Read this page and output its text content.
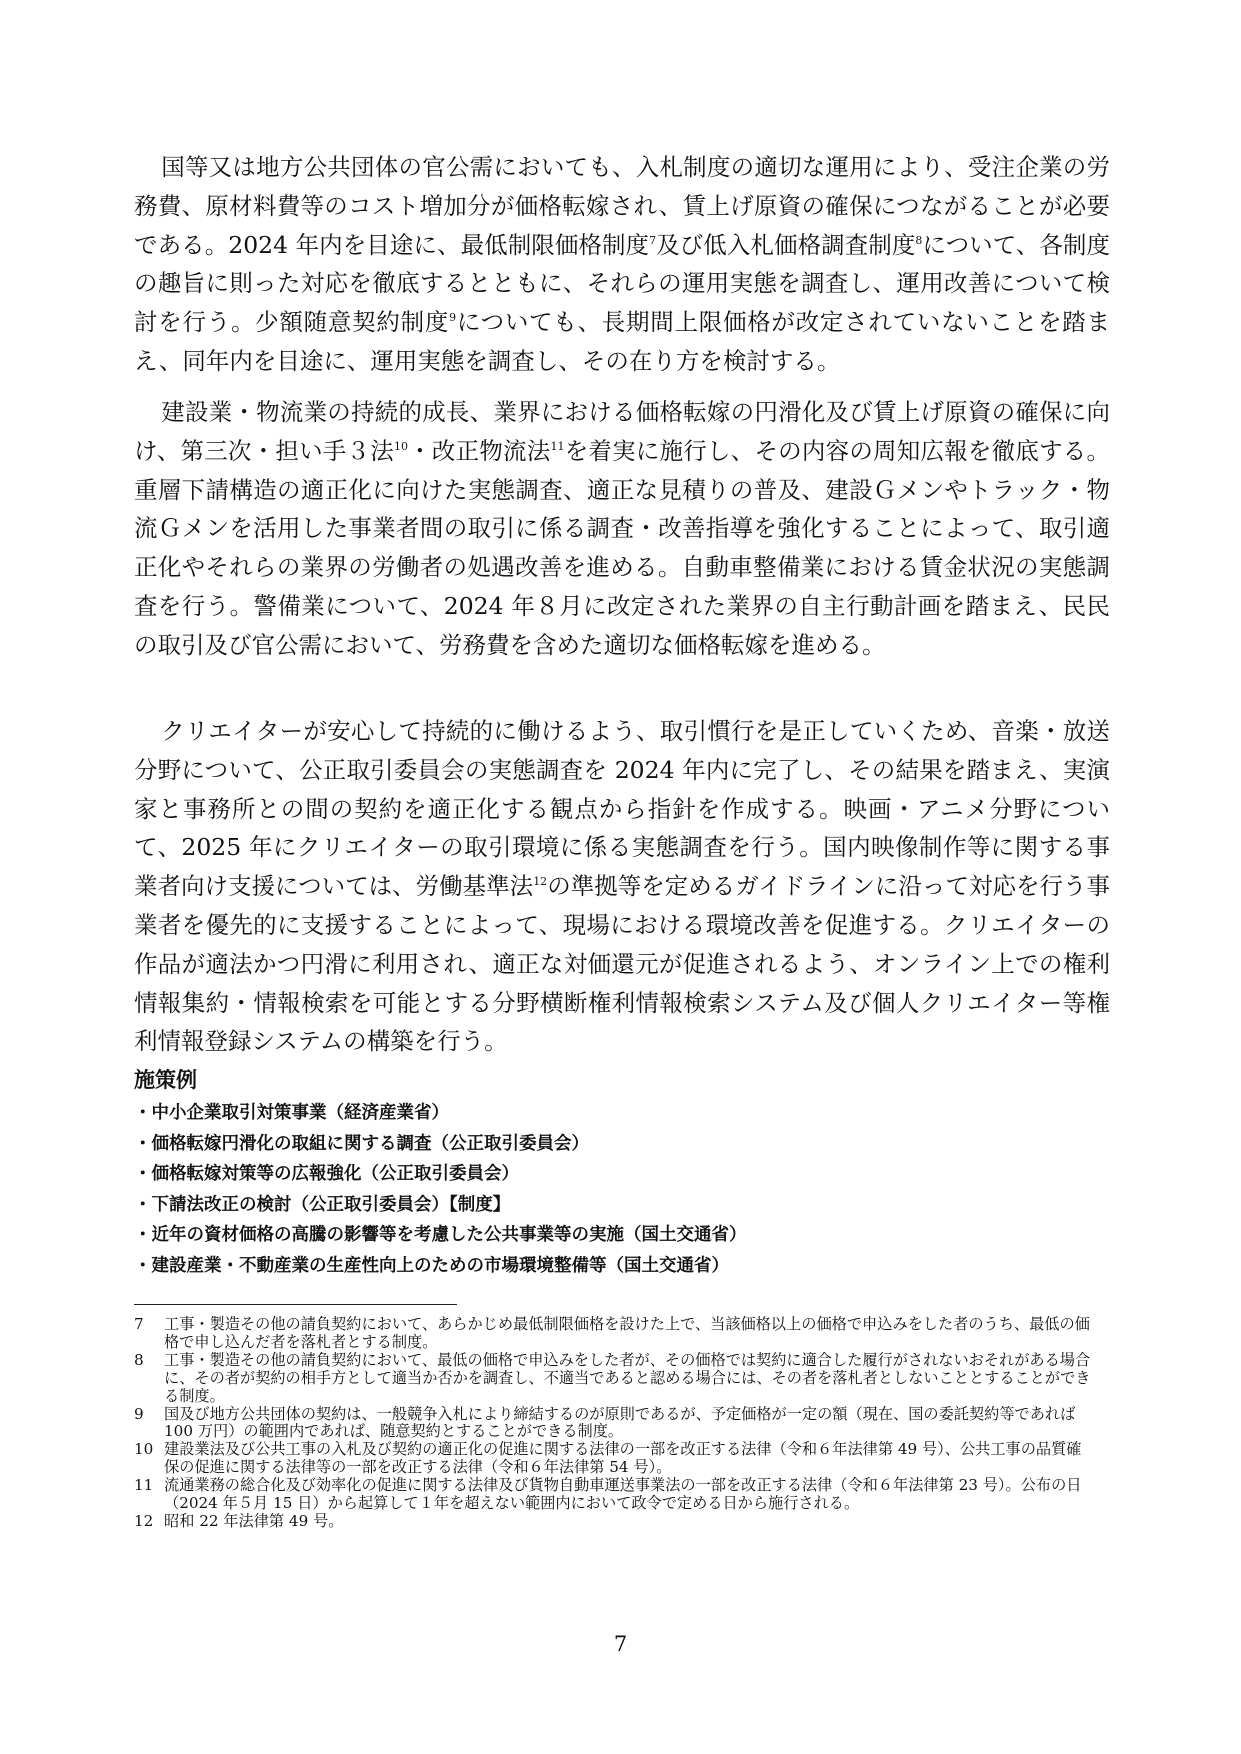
国等又は地方公共団体の官公需においても、入札制度の適切な運用により、受注企業の労務費、原材料費等のコスト増加分が価格転嫁され、賃上げ原資の確保につながることが必要である。2024 年内を目途に、最低制限価格制度$^7$及び低入札価格調査制度$^8$について、各制度の趣旨に則った対応を徹底するとともに、それらの運用実態を調査し、運用改善について検討を行う。少額随意契約制度$^9$についても、長期間上限価格が改定されていないことを踏まえ、同年内を目途に、運用実態を調査し、その在り方を検討する。

建設業・物流業の持続的成長、業界における価格転嫁の円滑化及び賃上げ原資の確保に向け、第三次・担い手３法$^{10}$・改正物流法$^{11}$を着実に施行し、その内容の周知広報を徹底する。重層下請構造の適正化に向けた実態調査、適正な見積りの普及、建設Ｇメンやトラック・物流Ｇメンを活用した事業者間の取引に係る調査・改善指導を強化することによって、取引適正化やそれらの業界の労働者の処遇改善を進める。自動車整備業における賃金状況の実態調査を行う。警備業について、2024 年８月に改定された業界の自主行動計画を踏まえ、民民の取引及び官公需において、労務費を含めた適切な価格転嫁を進める。

クリエイターが安心して持続的に働けるよう、取引慣行を是正していくため、音楽・放送分野について、公正取引委員会の実態調査を 2024 年内に完了し、その結果を踏まえ、実演家と事務所との間の契約を適正化する観点から指針を作成する。映画・アニメ分野について、2025 年にクリエイターの取引環境に係る実態調査を行う。国内映像制作等に関する事業者向け支援については、労働基準法$^{12}$の準拠等を定めるガイドラインに沿って対応を行う事業者を優先的に支援することによって、現場における環境改善を促進する。クリエイターの作品が適法かつ円滑に利用され、適正な対価還元が促進されるよう、オンライン上での権利情報集約・情報検索を可能とする分野横断権利情報検索システム及び個人クリエイター等権利情報登録システムの構築を行う。

施策例
・中小企業取引対策事業（経済産業省）
・価格転嫁円滑化の取組に関する調査（公正取引委員会）
・価格転嫁対策等の広報強化（公正取引委員会）
・下請法改正の検討（公正取引委員会）【制度】
・近年の資材価格の高騰の影響等を考慮した公共事業等の実施（国土交通省）
・建設産業・不動産業の生産性向上のための市場環境整備等（国土交通省）
7 工事・製造その他の請負契約において、あらかじめ最低制限価格を設けた上で、当該価格以上の価格で申込みをした者のうち、最低の価格で申し込んだ者を落札者とする制度。
8 工事・製造その他の請負契約において、最低の価格で申込みをした者が、その価格では契約に適合した履行がされないおそれがある場合に、その者が契約の相手方として適当か否かを調査し、不適当であると認める場合には、その者を落札者としないこととすることができる制度。
9 国及び地方公共団体の契約は、一般競争入札により締結するのが原則であるが、予定価格が一定の額（現在、国の委託契約等であれば 100 万円）の範囲内であれば、随意契約とすることができる制度。
10 建設業法及び公共工事の入札及び契約の適正化の促進に関する法律の一部を改正する法律（令和６年法律第 49 号）、公共工事の品質確保の促進に関する法律等の一部を改正する法律（令和６年法律第 54 号）。
11 流通業務の総合化及び効率化の促進に関する法律及び貨物自動車運送事業法の一部を改正する法律（令和６年法律第 23 号）。公布の日（2024 年５月 15 日）から起算して１年を超えない範囲内において政令で定める日から施行される。
12 昭和 22 年法律第 49 号。
7
